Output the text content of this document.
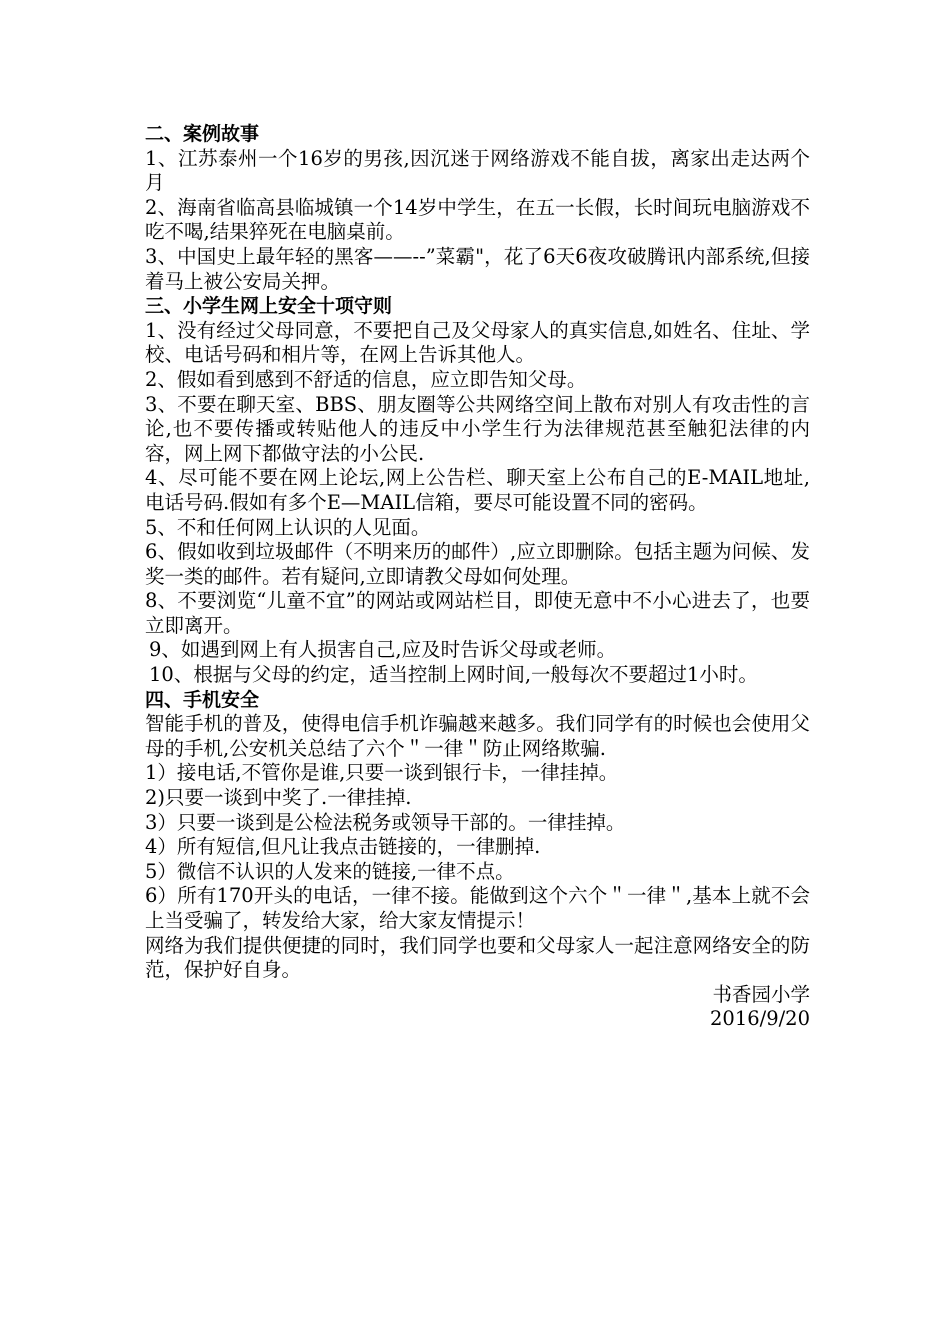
二、案例故事

1、江苏泰州一个16岁的男孩,因沉迷于网络游戏不能自拔，离家出走达两个月

2、海南省临高县临城镇一个14岁中学生，在五一长假，长时间玩电脑游戏不吃不喝,结果猝死在电脑桌前。

3、中国史上最年轻的黑客——--”菜霸"，花了6天6夜攻破腾讯内部系统,但接着马上被公安局关押。

三、小学生网上安全十项守则

1、没有经过父母同意，不要把自己及父母家人的真实信息,如姓名、住址、学校、电话号码和相片等，在网上告诉其他人。

2、假如看到感到不舒适的信息，应立即告知父母。

3、不要在聊天室、BBS、朋友圈等公共网络空间上散布对别人有攻击性的言论,也不要传播或转贴他人的违反中小学生行为法律规范甚至触犯法律的内容，网上网下都做守法的小公民.

4、尽可能不要在网上论坛,网上公告栏、聊天室上公布自己的E-MAIL地址,电话号码.假如有多个E—MAIL信箱，要尽可能设置不同的密码。

5、不和任何网上认识的人见面。

6、假如收到垃圾邮件（不明来历的邮件）,应立即删除。包括主题为问候、发奖一类的邮件。若有疑问,立即请教父母如何处理。

8、不要浏览“儿童不宜”的网站或网站栏目，即使无意中不小心进去了，也要立即离开。

9、如遇到网上有人损害自己,应及时告诉父母或老师。

10、根据与父母的约定，适当控制上网时间,一般每次不要超过1小时。

四、手机安全

智能手机的普及，使得电信手机诈骗越来越多。我们同学有的时候也会使用父母的手机,公安机关总结了六个＂一律＂防止网络欺骗.

1）接电话,不管你是谁,只要一谈到银行卡，一律挂掉。

2)只要一谈到中奖了.一律挂掉.

3）只要一谈到是公检法税务或领导干部的。一律挂掉。

4）所有短信,但凡让我点击链接的，一律删掉.

5）微信不认识的人发来的链接,一律不点。

6）所有170开头的电话，一律不接。能做到这个六个＂一律＂,基本上就不会上当受骗了，转发给大家，给大家友情提示！

网络为我们提供便捷的同时，我们同学也要和父母家人一起注意网络安全的防范，保护好自身。

书香园小学

2016/9/20
